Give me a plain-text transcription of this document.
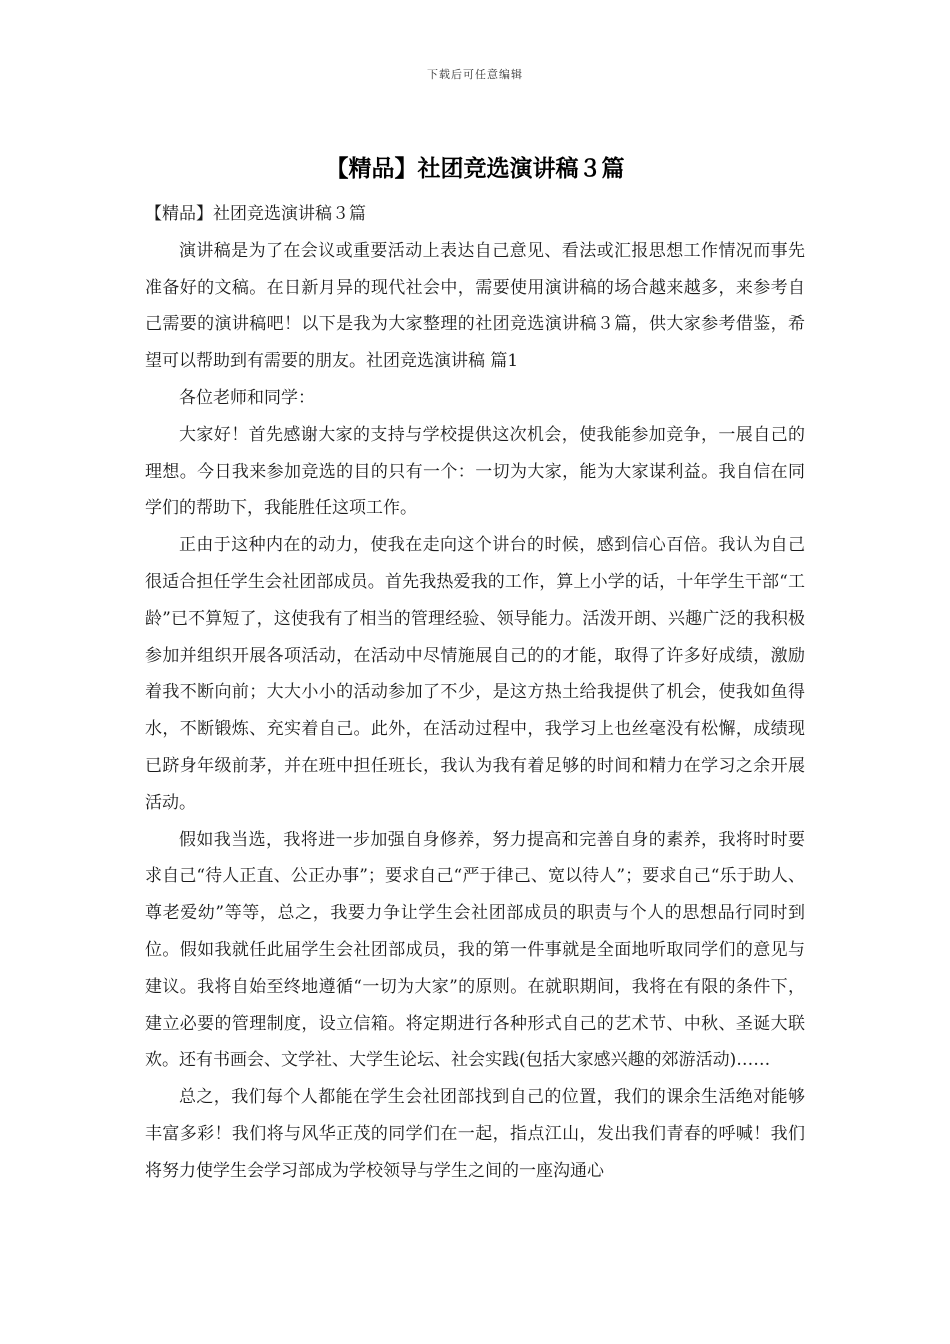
下载后可任意编辑
【精品】社团竞选演讲稿３篇

【精品】社团竞选演讲稿３篇

演讲稿是为了在会议或重要活动上表达自己意见、看法或汇报思想工作情况而事先准备好的文稿。在日新月异的现代社会中，需要使用演讲稿的场合越来越多，来参考自己需要的演讲稿吧！以下是我为大家整理的社团竞选演讲稿３篇，供大家参考借鉴，希望可以帮助到有需要的朋友。社团竞选演讲稿 篇1

各位老师和同学：

大家好！首先感谢大家的支持与学校提供这次机会，使我能参加竞争，一展自己的理想。今日我来参加竞选的目的只有一个：一切为大家，能为大家谋利益。我自信在同学们的帮助下，我能胜任这项工作。

正由于这种内在的动力，使我在走向这个讲台的时候，感到信心百倍。我认为自己很适合担任学生会社团部成员。首先我热爱我的工作，算上小学的话，十年学生干部“工龄”已不算短了，这使我有了相当的管理经验、领导能力。活泼开朗、兴趣广泛的我积极参加并组织开展各项活动，在活动中尽情施展自己的的才能，取得了许多好成绩，激励着我不断向前；大大小小的活动参加了不少，是这方热土给我提供了机会，使我如鱼得水，不断锻炼、充实着自己。此外，在活动过程中，我学习上也丝毫没有松懈，成绩现已跻身年级前茅，并在班中担任班长，我认为我有着足够的时间和精力在学习之余开展活动。

假如我当选，我将进一步加强自身修养，努力提高和完善自身的素养，我将时时要求自己“待人正直、公正办事”；要求自己“严于律己、宽以待人”；要求自己“乐于助人、尊老爱幼”等等，总之，我要力争让学生会社团部成员的职责与个人的思想品行同时到位。假如我就任此届学生会社团部成员，我的第一件事就是全面地听取同学们的意见与建议。我将自始至终地遵循“一切为大家”的原则。在就职期间，我将在有限的条件下，建立必要的管理制度，设立信箱。将定期进行各种形式自己的艺术节、中秋、圣诞大联欢。还有书画会、文学社、大学生论坛、社会实践(包括大家感兴趣的郊游活动)……

总之，我们每个人都能在学生会社团部找到自己的位置，我们的课余生活绝对能够丰富多彩！我们将与风华正茂的同学们在一起，指点江山，发出我们青春的呼喊！我们将努力使学生会学习部成为学校领导与学生之间的一座沟通心
